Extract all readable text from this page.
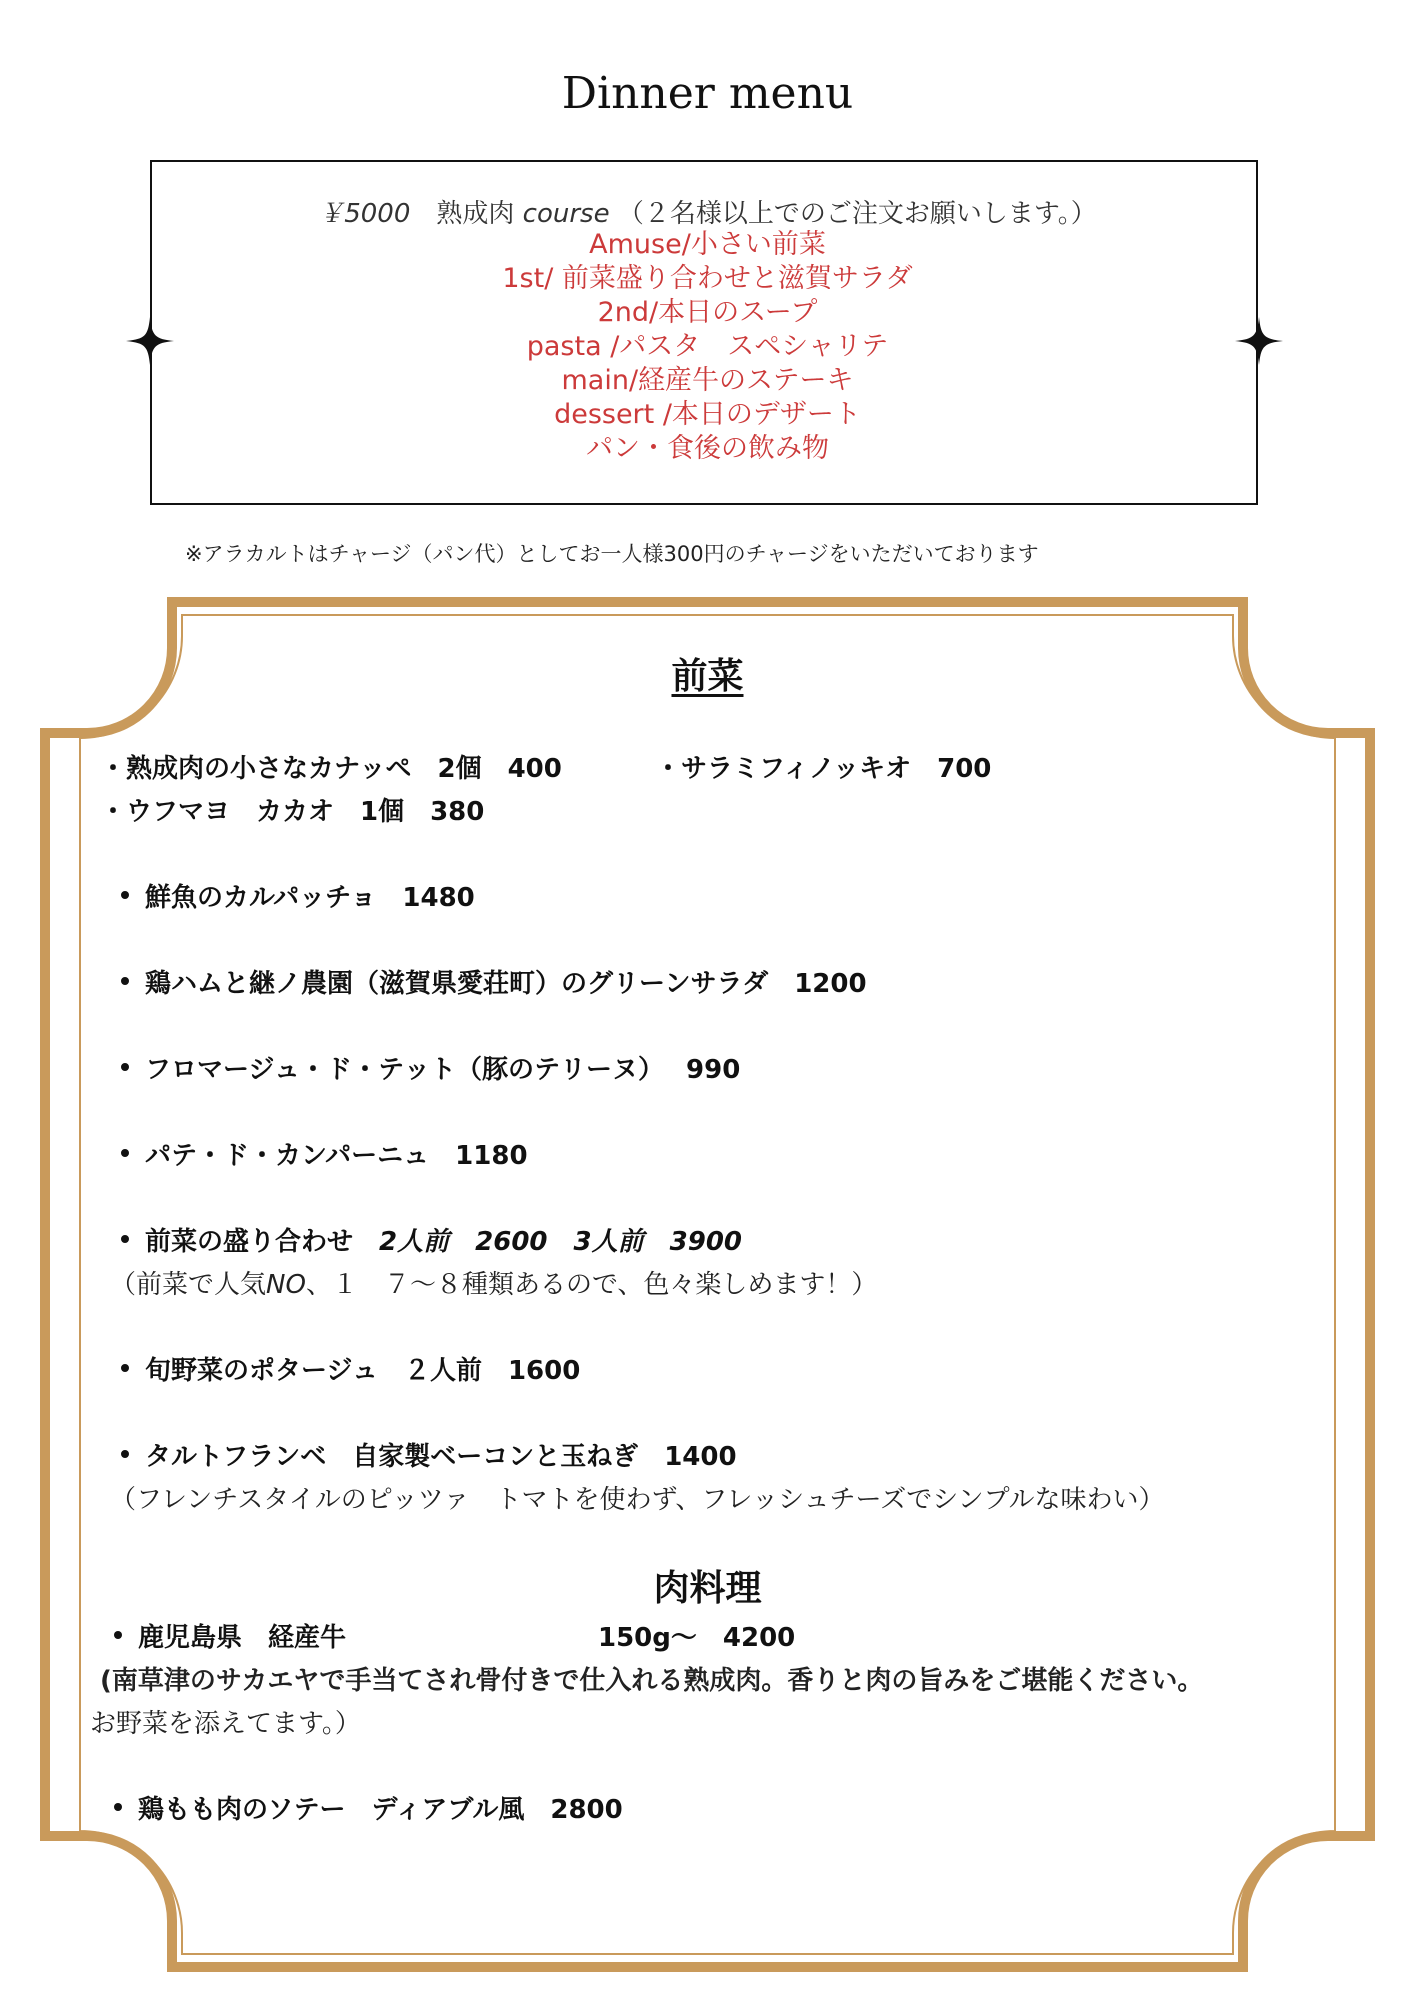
Dinner menu
￥5000　 熟成肉 course （２名様以上でのご注文お願いします。）
Amuse/小さい前菜
1st/ 前菜盛り合わせと滋賀サラダ
2nd/本日のスープ
pasta /パスタ　スペシャリテ
main/経産牛のステーキ
dessert /本日のデザート
パン・食後の飲み物
※アラカルトはチャージ（パン代）としてお一人様300円のチャージをいただいております
前菜
・熟成肉の小さなカナッペ　2個　400	・サラミフィノッキオ　700
・ウフマヨ　カカオ　1個　380
鮮魚のカルパッチョ　1480
鶏ハムと継ノ農園（滋賀県愛荘町）のグリーンサラダ　1200
フロマージュ・ド・テット（豚のテリーヌ）　 990
パテ・ド・カンパーニュ　1180
前菜の盛り合わせ　 2人前　 2600　 3人前　 3900
（前菜で人気NO、１　７～８種類あるので、色々楽しめます！）
旬野菜のポタージュ　２人前　1600
タルトフランベ　自家製ベーコンと玉ねぎ　1400
（フレンチスタイルのピッツァ　トマトを使わず、フレッシュチーズでシンプルな味わい）
肉料理
鹿児島県　経産牛	150g～　4200
(南草津のサカエヤで手当てされ骨付きで仕入れる熟成肉。香りと肉の旨みをご堪能ください。
お野菜を添えてます。）
鶏もも肉のソテー　ディアブル風　2800
